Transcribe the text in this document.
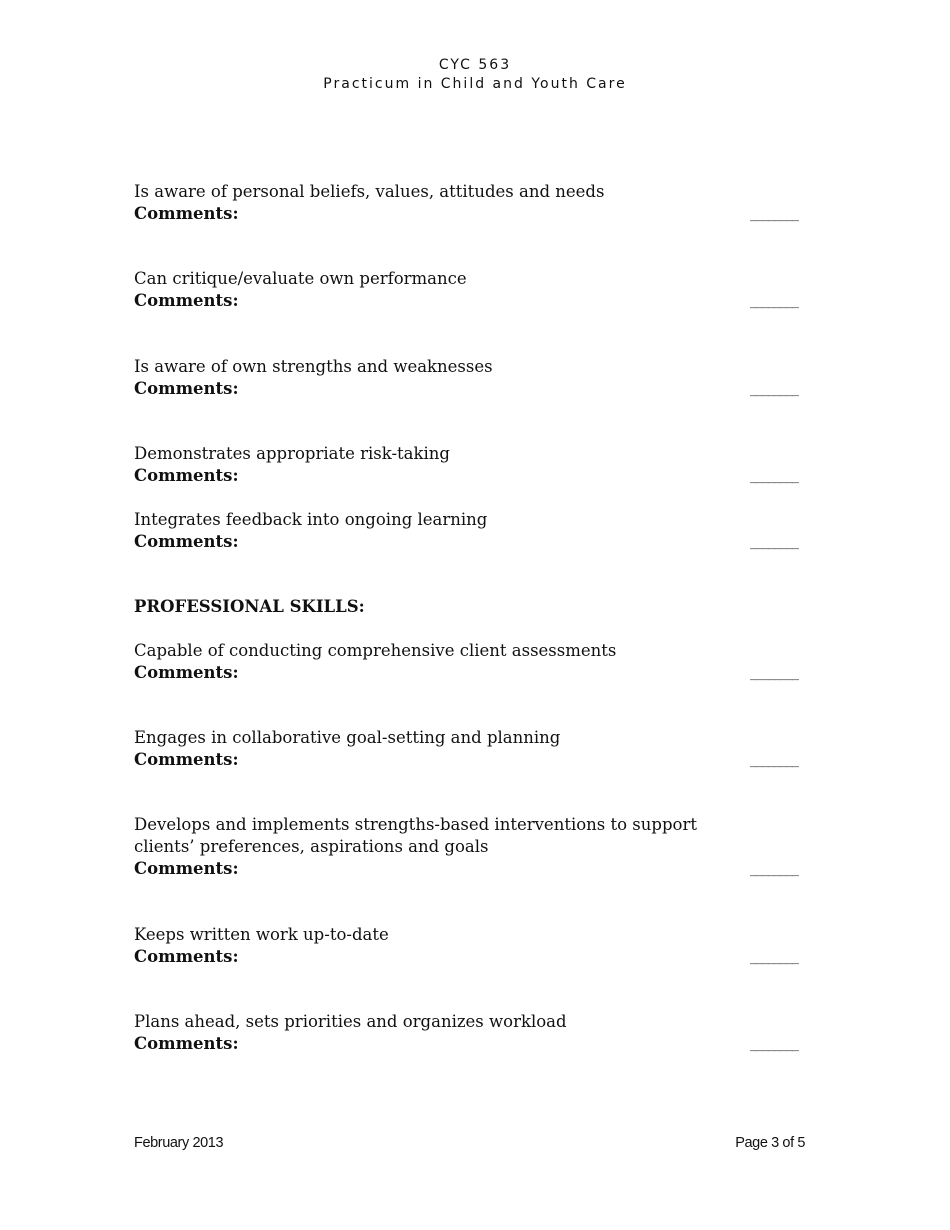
CYC 563
Practicum in Child and Youth Care
Is aware of personal beliefs, values, attitudes and needs
Comments:	________
Can critique/evaluate own performance
Comments:	________
Is aware of own strengths and weaknesses
Comments:	________
Demonstrates appropriate risk-taking
Comments:	________
Integrates feedback into ongoing learning
Comments:	________
PROFESSIONAL SKILLS:
Capable of conducting comprehensive client assessments
Comments:	________
Engages in collaborative goal-setting and planning
Comments:	________
Develops and implements strengths-based interventions to support clients’ preferences, aspirations and goals
Comments:	________
Keeps written work up-to-date
Comments:	________
Plans ahead, sets priorities and organizes workload
Comments:	________
February 2013	Page 3 of 5
